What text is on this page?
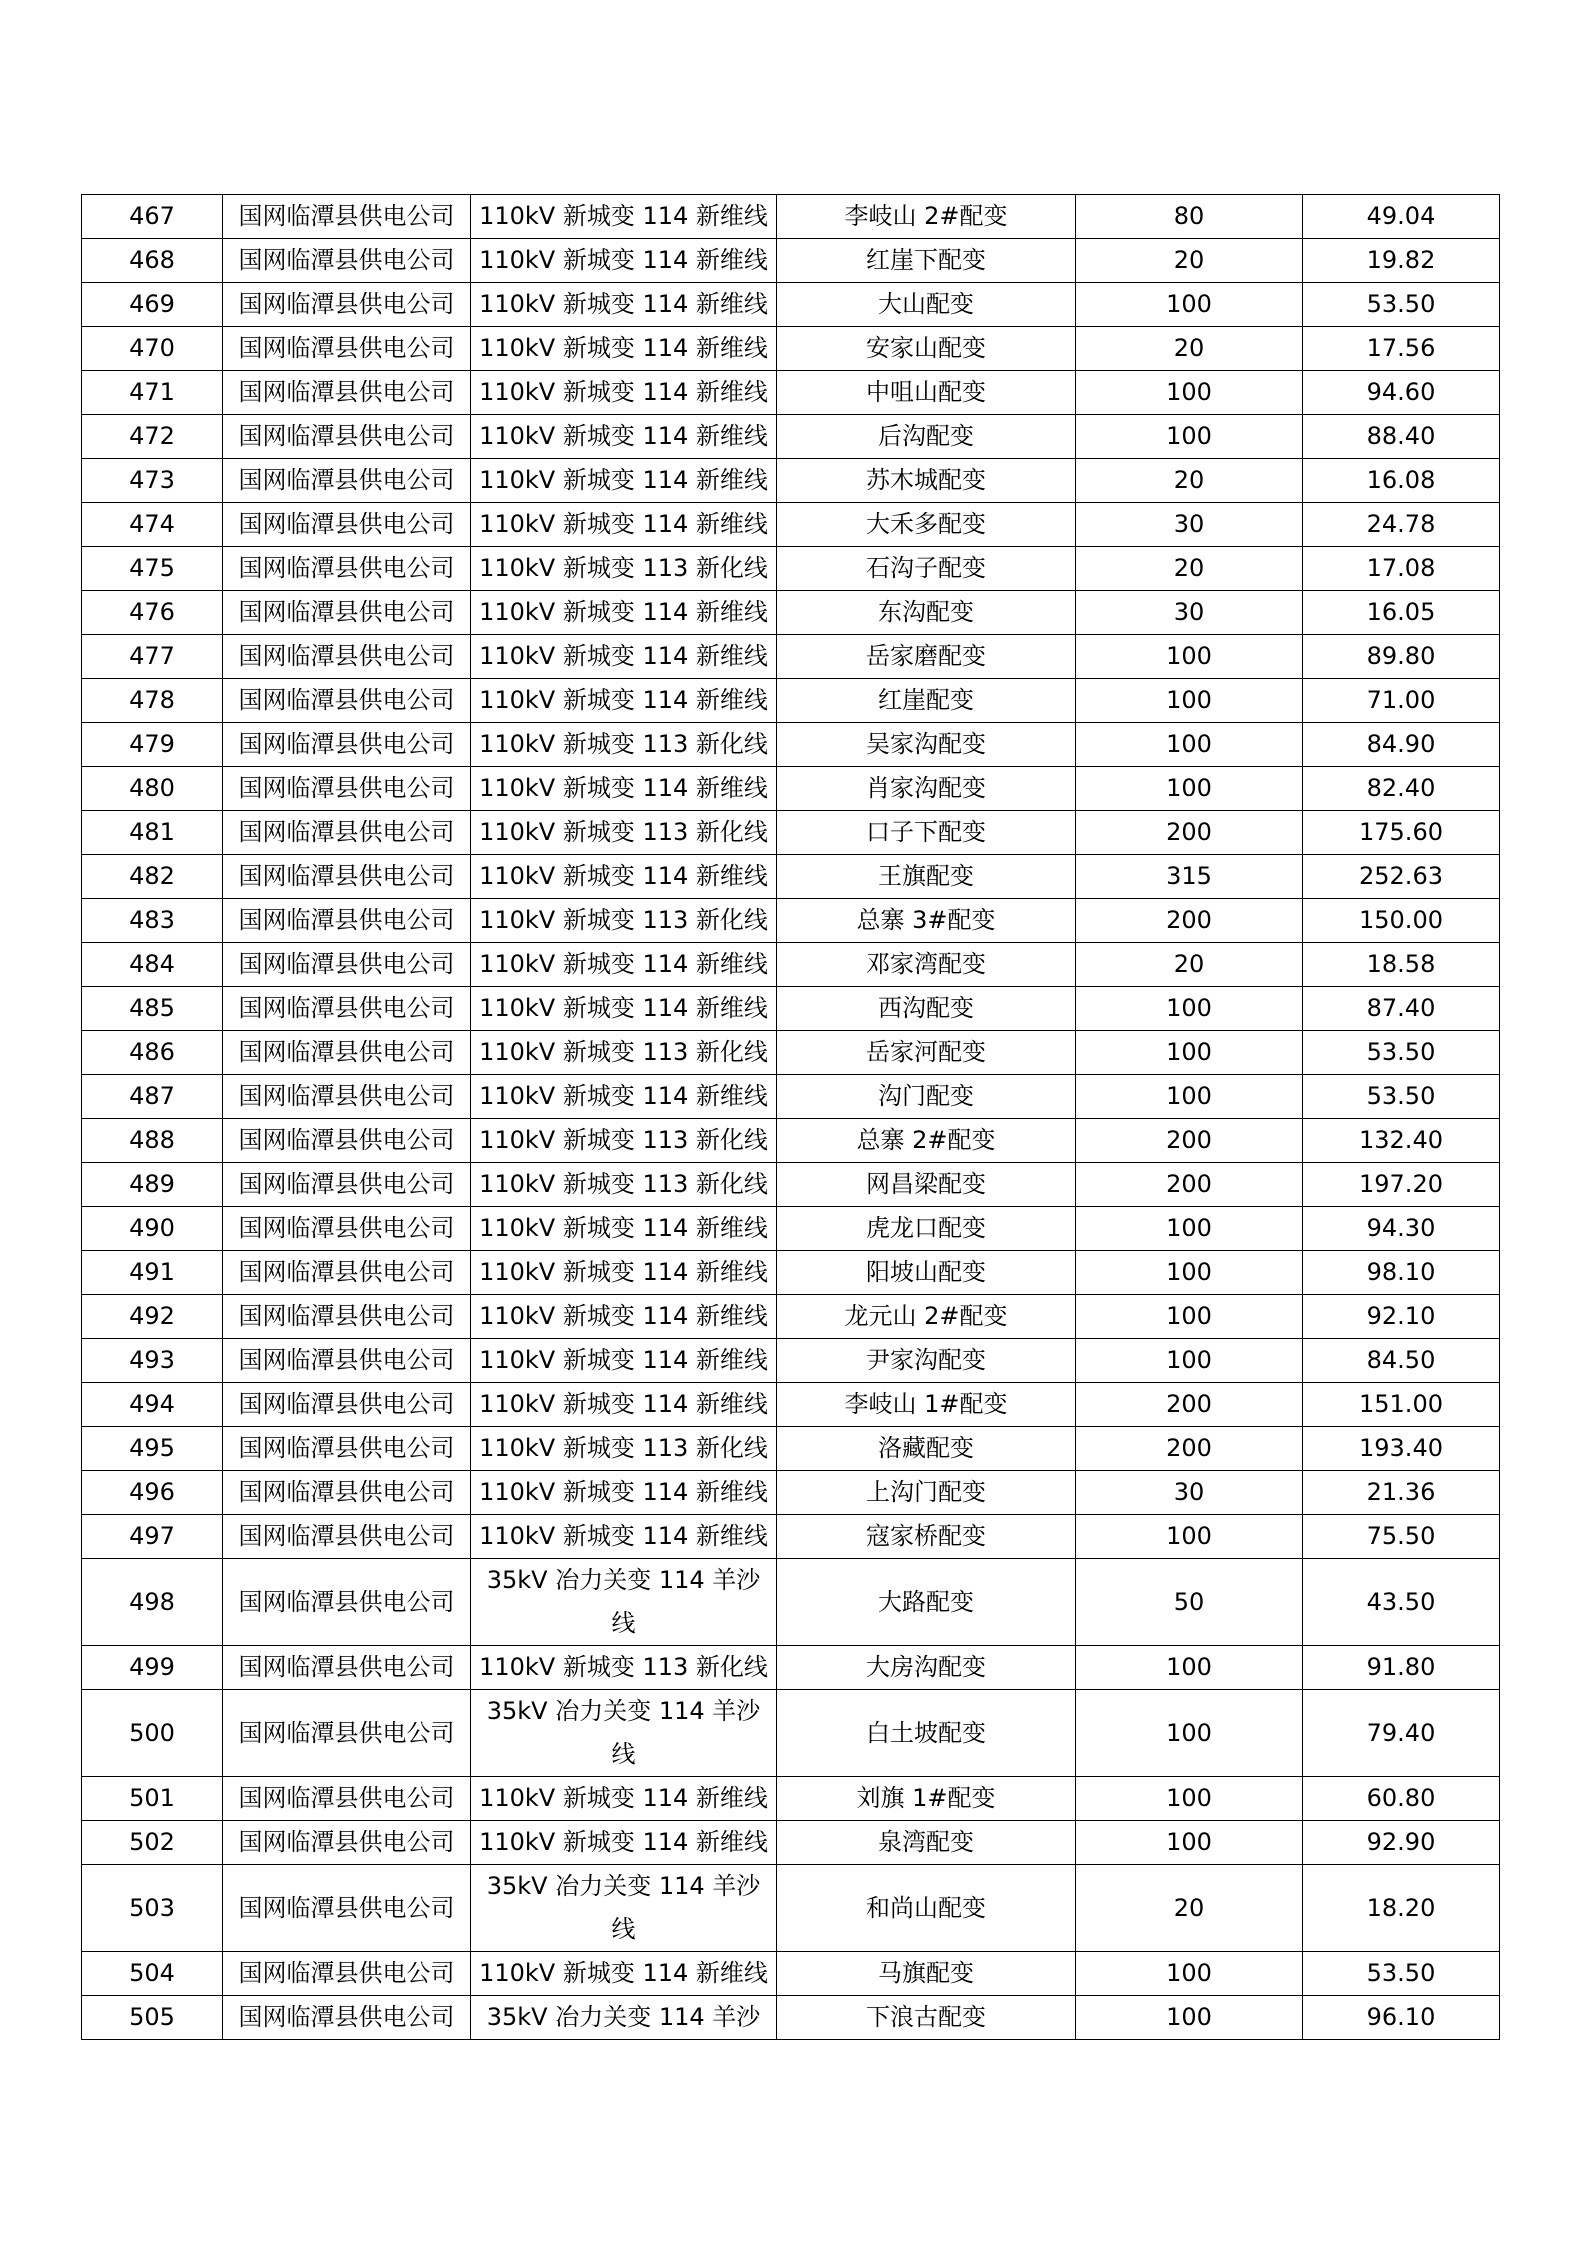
467	国网临潭县供电公司	110kV 新城变 114 新维线	李岐山 2#配变	80	49.04
468	国网临潭县供电公司	110kV 新城变 114 新维线	红崖下配变	20	19.82
469	国网临潭县供电公司	110kV 新城变 114 新维线	大山配变	100	53.50
470	国网临潭县供电公司	110kV 新城变 114 新维线	安家山配变	20	17.56
471	国网临潭县供电公司	110kV 新城变 114 新维线	中咀山配变	100	94.60
472	国网临潭县供电公司	110kV 新城变 114 新维线	后沟配变	100	88.40
473	国网临潭县供电公司	110kV 新城变 114 新维线	苏木城配变	20	16.08
474	国网临潭县供电公司	110kV 新城变 114 新维线	大禾多配变	30	24.78
475	国网临潭县供电公司	110kV 新城变 113 新化线	石沟子配变	20	17.08
476	国网临潭县供电公司	110kV 新城变 114 新维线	东沟配变	30	16.05
477	国网临潭县供电公司	110kV 新城变 114 新维线	岳家磨配变	100	89.80
478	国网临潭县供电公司	110kV 新城变 114 新维线	红崖配变	100	71.00
479	国网临潭县供电公司	110kV 新城变 113 新化线	吴家沟配变	100	84.90
480	国网临潭县供电公司	110kV 新城变 114 新维线	肖家沟配变	100	82.40
481	国网临潭县供电公司	110kV 新城变 113 新化线	口子下配变	200	175.60
482	国网临潭县供电公司	110kV 新城变 114 新维线	王旗配变	315	252.63
483	国网临潭县供电公司	110kV 新城变 113 新化线	总寨 3#配变	200	150.00
484	国网临潭县供电公司	110kV 新城变 114 新维线	邓家湾配变	20	18.58
485	国网临潭县供电公司	110kV 新城变 114 新维线	西沟配变	100	87.40
486	国网临潭县供电公司	110kV 新城变 113 新化线	岳家河配变	100	53.50
487	国网临潭县供电公司	110kV 新城变 114 新维线	沟门配变	100	53.50
488	国网临潭县供电公司	110kV 新城变 113 新化线	总寨 2#配变	200	132.40
489	国网临潭县供电公司	110kV 新城变 113 新化线	网昌梁配变	200	197.20
490	国网临潭县供电公司	110kV 新城变 114 新维线	虎龙口配变	100	94.30
491	国网临潭县供电公司	110kV 新城变 114 新维线	阳坡山配变	100	98.10
492	国网临潭县供电公司	110kV 新城变 114 新维线	龙元山 2#配变	100	92.10
493	国网临潭县供电公司	110kV 新城变 114 新维线	尹家沟配变	100	84.50
494	国网临潭县供电公司	110kV 新城变 114 新维线	李岐山 1#配变	200	151.00
495	国网临潭县供电公司	110kV 新城变 113 新化线	洛藏配变	200	193.40
496	国网临潭县供电公司	110kV 新城变 114 新维线	上沟门配变	30	21.36
497	国网临潭县供电公司	110kV 新城变 114 新维线	寇家桥配变	100	75.50
498	国网临潭县供电公司	35kV 冶力关变 114 羊沙线	大路配变	50	43.50
499	国网临潭县供电公司	110kV 新城变 113 新化线	大房沟配变	100	91.80
500	国网临潭县供电公司	35kV 冶力关变 114 羊沙线	白土坡配变	100	79.40
501	国网临潭县供电公司	110kV 新城变 114 新维线	刘旗 1#配变	100	60.80
502	国网临潭县供电公司	110kV 新城变 114 新维线	泉湾配变	100	92.90
503	国网临潭县供电公司	35kV 冶力关变 114 羊沙线	和尚山配变	20	18.20
504	国网临潭县供电公司	110kV 新城变 114 新维线	马旗配变	100	53.50
505	国网临潭县供电公司	35kV 冶力关变 114 羊沙	下浪古配变	100	96.10
